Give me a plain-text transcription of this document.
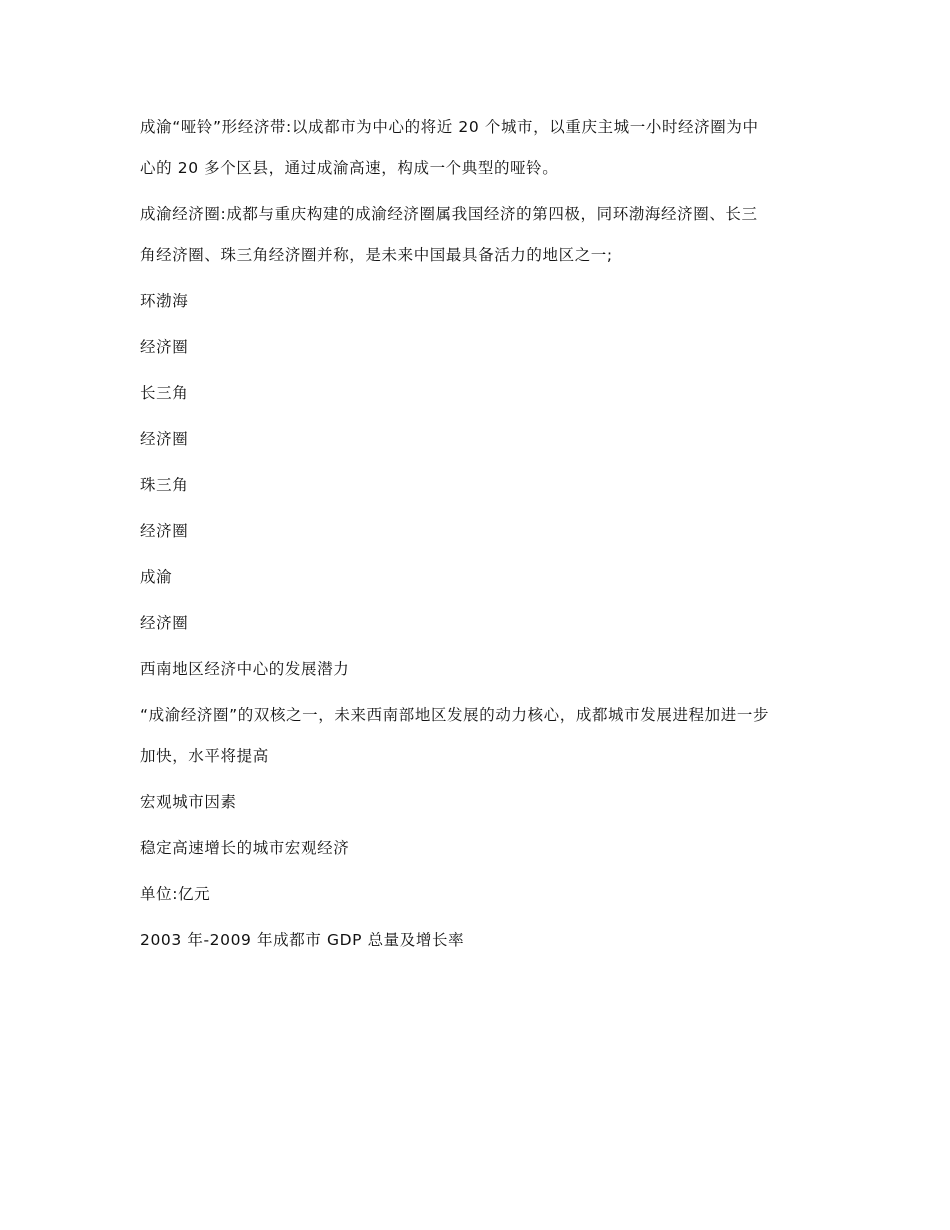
成渝“哑铃”形经济带:以成都市为中心的将近 20 个城市，以重庆主城一小时经济圈为中

心的 20 多个区县，通过成渝高速，构成一个典型的哑铃。

成渝经济圈:成都与重庆构建的成渝经济圈属我国经济的第四极，同环渤海经济圈、长三

角经济圈、珠三角经济圈并称，是未来中国最具备活力的地区之一;

环渤海

经济圈

长三角

经济圈

珠三角

经济圈

成渝

经济圈

西南地区经济中心的发展潜力

“成渝经济圈”的双核之一，未来西南部地区发展的动力核心，成都城市发展进程加进一步

加快，水平将提高

宏观城市因素

稳定高速增长的城市宏观经济

单位:亿元

2003 年-2009 年成都市 GDP 总量及增长率
